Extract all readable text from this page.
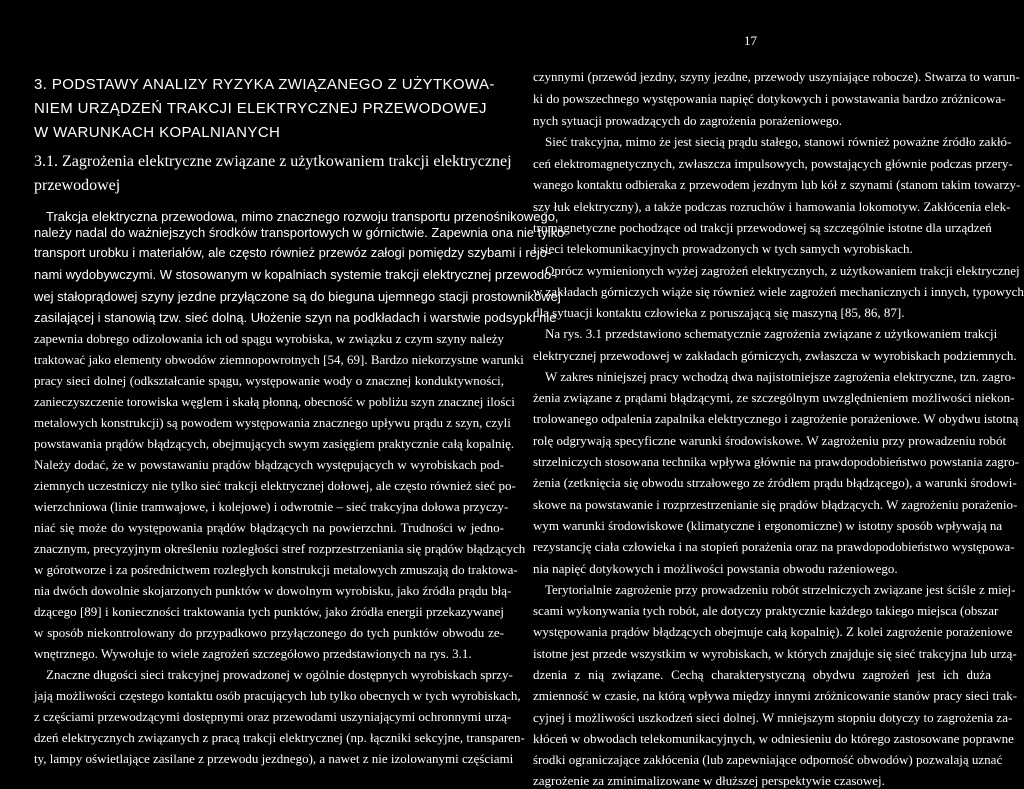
17
3. PODSTAWY ANALIZY RYZYKA ZWIĄZANEGO Z UŻYTKOWA-
NIEM URZĄDZEŃ TRAKCJI ELEKTRYCZNEJ PRZEWODOWEJ
W WARUNKACH KOPALNIANYCH
3.1. Zagrożenia elektryczne związane z użytkowaniem trakcji elektrycznej
przewodowej
Trakcja elektryczna przewodowa, mimo znacznego rozwoju transportu przenośnikowego,
należy nadal do ważniejszych środków transportowych w górnictwie. Zapewnia ona nie tylko
transport urobku i materiałów, ale często również przewóz załogi pomiędzy szybami i rejo-
nami wydobywczymi. W stosowanym w kopalniach systemie trakcji elektrycznej przewodo-
wej stałoprądowej szyny jezdne przyłączone są do bieguna ujemnego stacji prostownikowej
zasilającej i stanowią tzw. sieć dolną. Ułożenie szyn na podkładach i warstwie podsypki nie
zapewnia dobrego odizolowania ich od spągu wyrobiska, w związku z czym szyny należy
traktować jako elementy obwodów ziemnopowrotnych [54, 69]. Bardzo niekorzystne warunki
pracy sieci dolnej (odkształcanie spągu, występowanie wody o znacznej konduktywności,
zanieczyszczenie torowiska węglem i skałą płonną, obecność w pobliżu szyn znacznej ilości
metalowych konstrukcji) są powodem występowania znacznego upływu prądu z szyn, czyli
powstawania prądów błądzących, obejmujących swym zasięgiem praktycznie całą kopalnię.
Należy dodać, że w powstawaniu prądów błądzących występujących w wyrobiskach pod-
ziemnych uczestniczy nie tylko sieć trakcji elektrycznej dołowej, ale często również sieć po-
wierzchniowa (linie tramwajowe, i kolejowe) i odwrotnie – sieć trakcyjna dołowa przyczy-
niać się może do występowania prądów błądzących na powierzchni. Trudności w jedno-
znacznym, precyzyjnym określeniu rozległości stref rozprzestrzeniania się prądów błądzących
w górotworze i za pośrednictwem rozległych konstrukcji metalowych zmuszają do traktowa-
nia dwóch dowolnie skojarzonych punktów w dowolnym wyrobisku, jako źródła prądu błą-
dzącego [89] i konieczności traktowania tych punktów, jako źródła energii przekazywanej
w sposób niekontrolowany do przypadkowo przyłączonego do tych punktów obwodu ze-
wnętrznego. Wywołuje to wiele zagrożeń szczegółowo przedstawionych na rys. 3.1.
Znaczne długości sieci trakcyjnej prowadzonej w ogólnie dostępnych wyrobiskach sprzy-
jają możliwości częstego kontaktu osób pracujących lub tylko obecnych w tych wyrobiskach,
z częściami przewodzącymi dostępnymi oraz przewodami uszyniającymi ochronnymi urzą-
dzeń elektrycznych związanych z pracą trakcji elektrycznej (np. łączniki sekcyjne, transparen-
ty, lampy oświetlające zasilane z przewodu jezdnego), a nawet z nie izolowanymi częściami
czynnymi (przewód jezdny, szyny jezdne, przewody uszyniające robocze). Stwarza to warun-
ki do powszechnego występowania napięć dotykowych i powstawania bardzo zróżnicowa-
nych sytuacji prowadzących do zagrożenia porażeniowego.
Sieć trakcyjna, mimo że jest siecią prądu stałego, stanowi również poważne źródło zakłó-
ceń elektromagnetycznych, zwłaszcza impulsowych, powstających głównie podczas przery-
wanego kontaktu odbieraka z przewodem jezdnym lub kół z szynami (stanom takim towarzy-
szy łuk elektryczny), a także podczas rozruchów i hamowania lokomotyw. Zakłócenia elek-
tromagnetyczne pochodzące od trakcji przewodowej są szczególnie istotne dla urządzeń
i sieci telekomunikacyjnych prowadzonych w tych samych wyrobiskach.
Oprócz wymienionych wyżej zagrożeń elektrycznych, z użytkowaniem trakcji elektrycznej
w zakładach górniczych wiąże się również wiele zagrożeń mechanicznych i innych, typowych
dla sytuacji kontaktu człowieka z poruszającą się maszyną [85, 86, 87].
Na rys. 3.1 przedstawiono schematycznie zagrożenia związane z użytkowaniem trakcji
elektrycznej przewodowej w zakładach górniczych, zwłaszcza w wyrobiskach podziemnych.
W zakres niniejszej pracy wchodzą dwa najistotniejsze zagrożenia elektryczne, tzn. zagro-
żenia związane z prądami błądzącymi, ze szczególnym uwzględnieniem możliwości niekon-
trolowanego odpalenia zapalnika elektrycznego i zagrożenie porażeniowe. W obydwu istotną
rolę odgrywają specyficzne warunki środowiskowe. W zagrożeniu przy prowadzeniu robót
strzelniczych stosowana technika wpływa głównie na prawdopodobieństwo powstania zagro-
żenia (zetknięcia się obwodu strzałowego ze źródłem prądu błądzącego), a warunki środowi-
skowe na powstawanie i rozprzestrzenianie się prądów błądzących. W zagrożeniu porażenio-
wym warunki środowiskowe (klimatyczne i ergonomiczne) w istotny sposób wpływają na
rezystancję ciała człowieka i na stopień porażenia oraz na prawdopodobieństwo występowa-
nia napięć dotykowych i możliwości powstania obwodu rażeniowego.
Terytorialnie zagrożenie przy prowadzeniu robót strzelniczych związane jest ściśle z miej-
scami wykonywania tych robót, ale dotyczy praktycznie każdego takiego miejsca (obszar
występowania prądów błądzących obejmuje całą kopalnię). Z kolei zagrożenie porażeniowe
istotne jest przede wszystkim w wyrobiskach, w których znajduje się sieć trakcyjna lub urzą-
dzenia z nią związane. Cechą charakterystyczną obydwu zagrożeń jest ich duża
zmienność w czasie, na którą wpływa między innymi zróżnicowanie stanów pracy sieci trak-
cyjnej i możliwości uszkodzeń sieci dolnej. W mniejszym stopniu dotyczy to zagrożenia za-
kłóceń w obwodach telekomunikacyjnych, w odniesieniu do którego zastosowane poprawne
środki ograniczające zakłócenia (lub zapewniające odporność obwodów) pozwalają uznać
zagrożenie za zminimalizowane w dłuższej perspektywie czasowej.
